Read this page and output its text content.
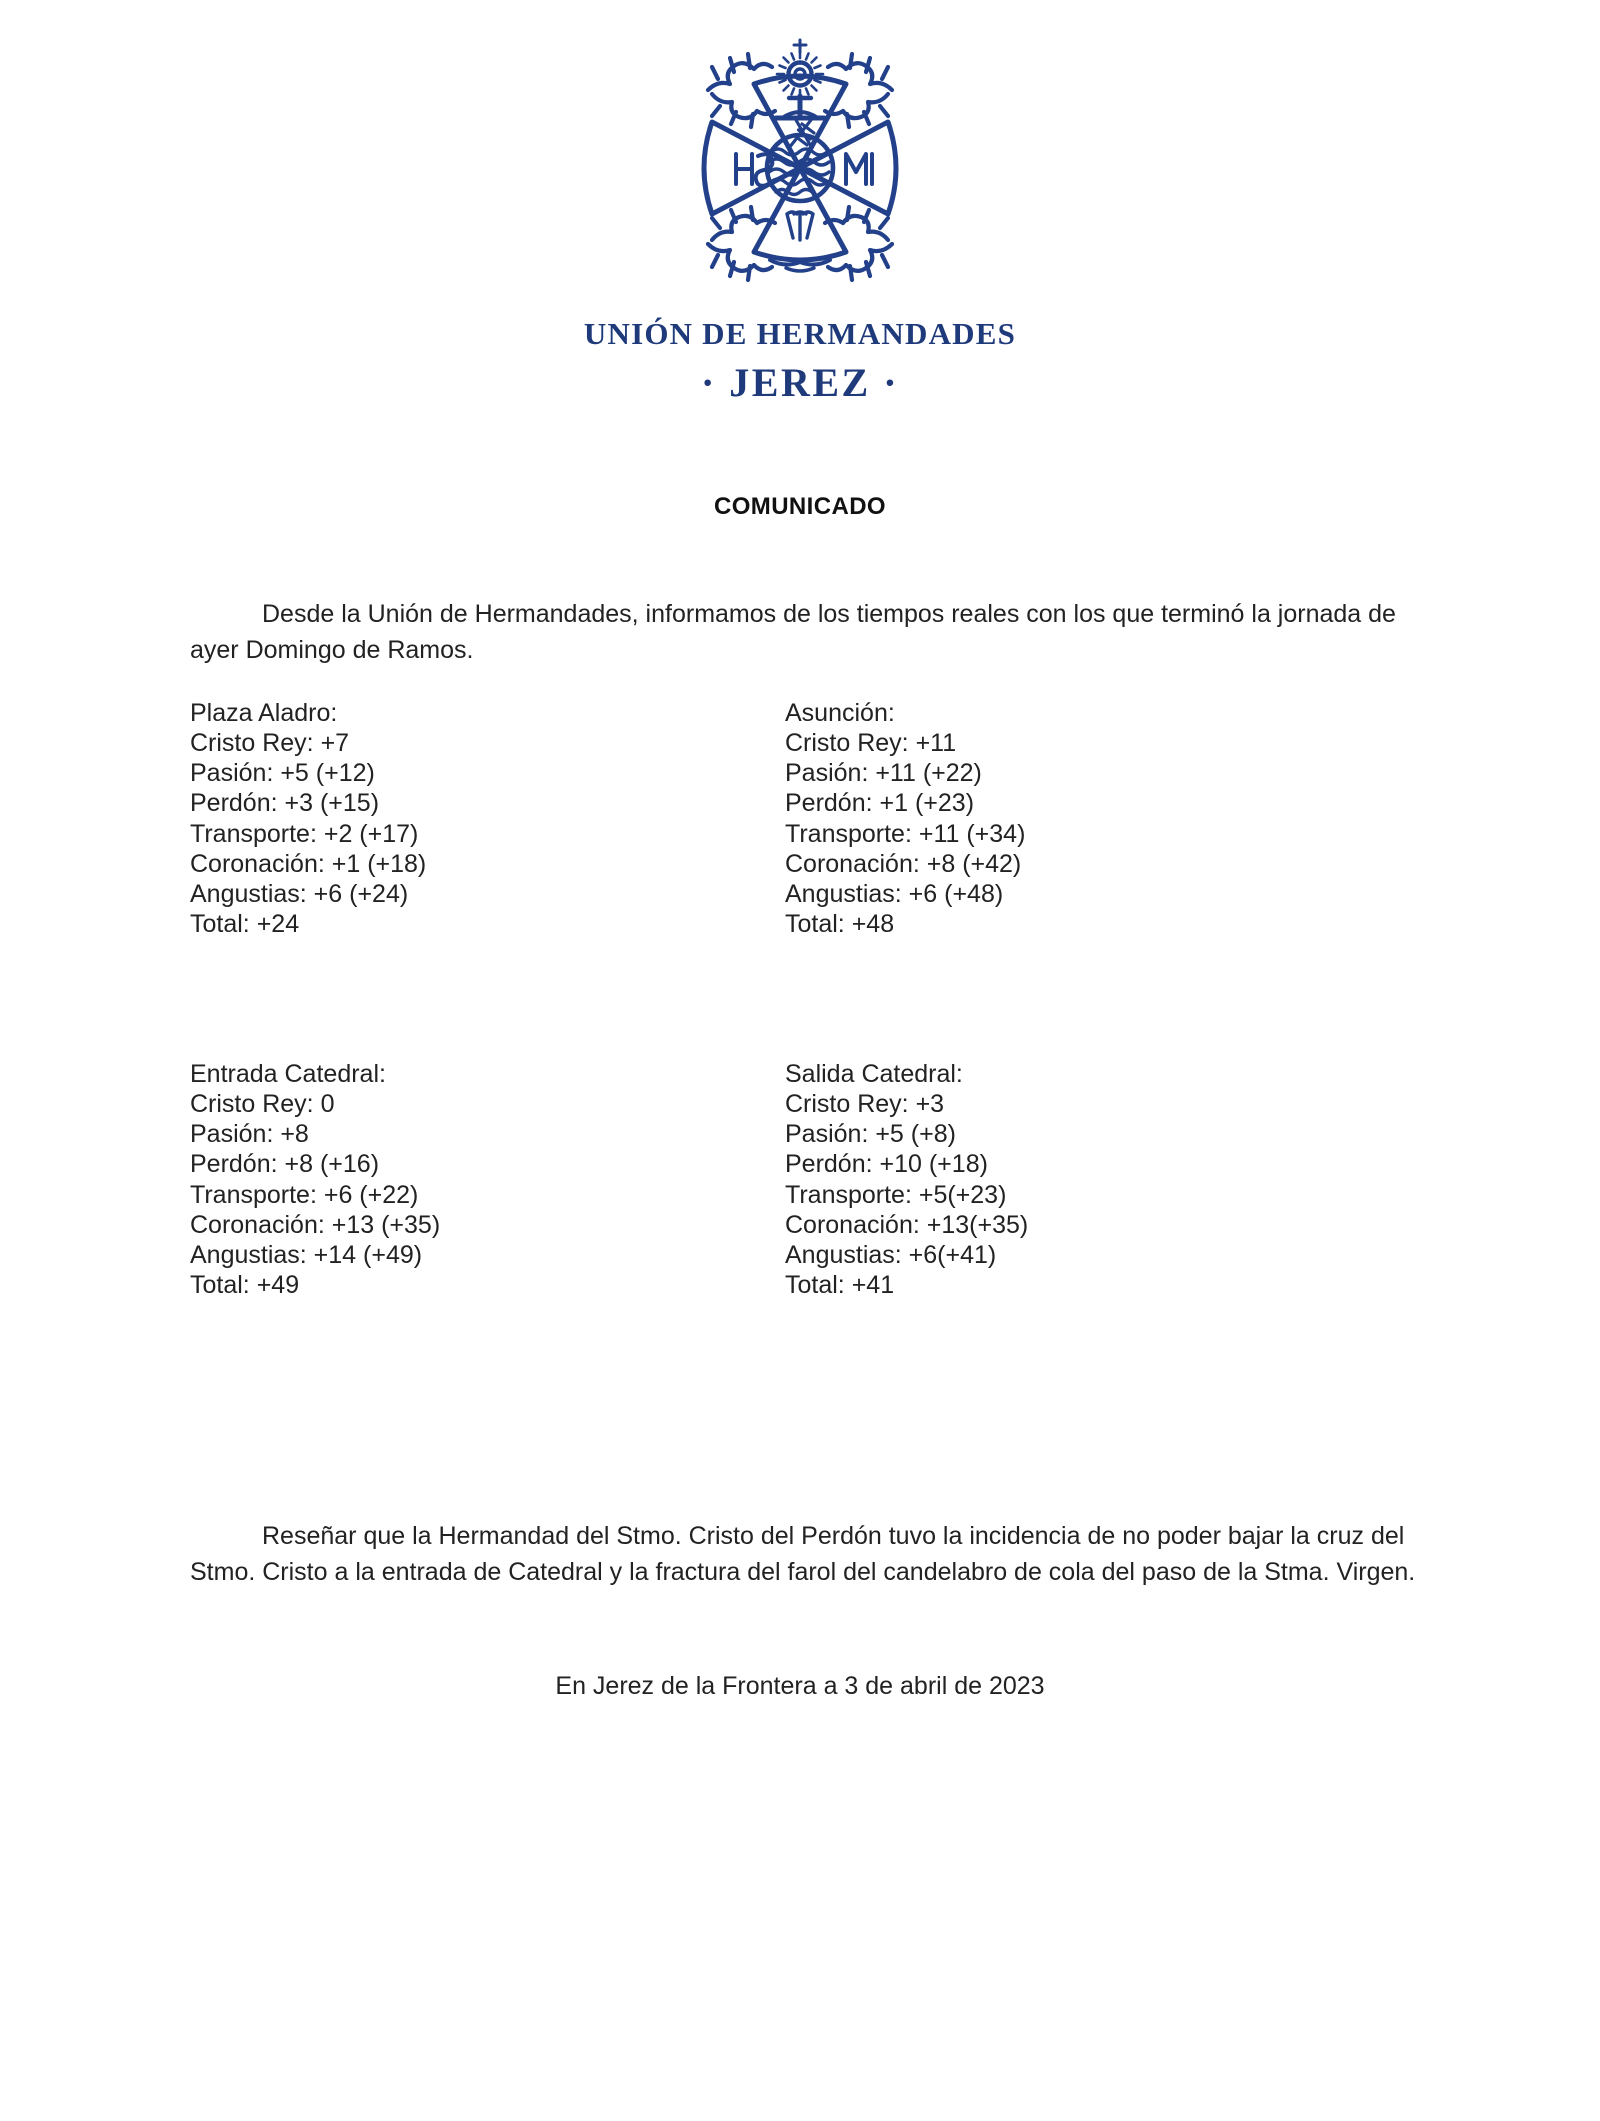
UNIÓN DE HERMANDADES
· JEREZ ·
COMUNICADO

Desde la Unión de Hermandades, informamos de los tiempos reales con los que terminó la jornada de ayer Domingo de Ramos.

Plaza Aladro:
Cristo Rey: +7
Pasión: +5 (+12)
Perdón: +3 (+15)
Transporte: +2 (+17)
Coronación: +1 (+18)
Angustias: +6 (+24)
Total: +24
Asunción:
Cristo Rey: +11
Pasión: +11 (+22)
Perdón: +1 (+23)
Transporte: +11 (+34)
Coronación: +8 (+42)
Angustias: +6 (+48)
Total: +48
Entrada Catedral:
Cristo Rey: 0
Pasión: +8
Perdón: +8 (+16)
Transporte: +6 (+22)
Coronación: +13 (+35)
Angustias: +14 (+49)
Total: +49
Salida Catedral:
Cristo Rey: +3
Pasión: +5 (+8)
Perdón: +10 (+18)
Transporte: +5(+23)
Coronación: +13(+35)
Angustias: +6(+41)
Total: +41

Reseñar que la Hermandad del Stmo. Cristo del Perdón tuvo la incidencia de no poder bajar la cruz del Stmo. Cristo a la entrada de Catedral y la fractura del farol del candelabro de cola del paso de la Stma. Virgen.

En Jerez de la Frontera a 3 de abril de 2023
